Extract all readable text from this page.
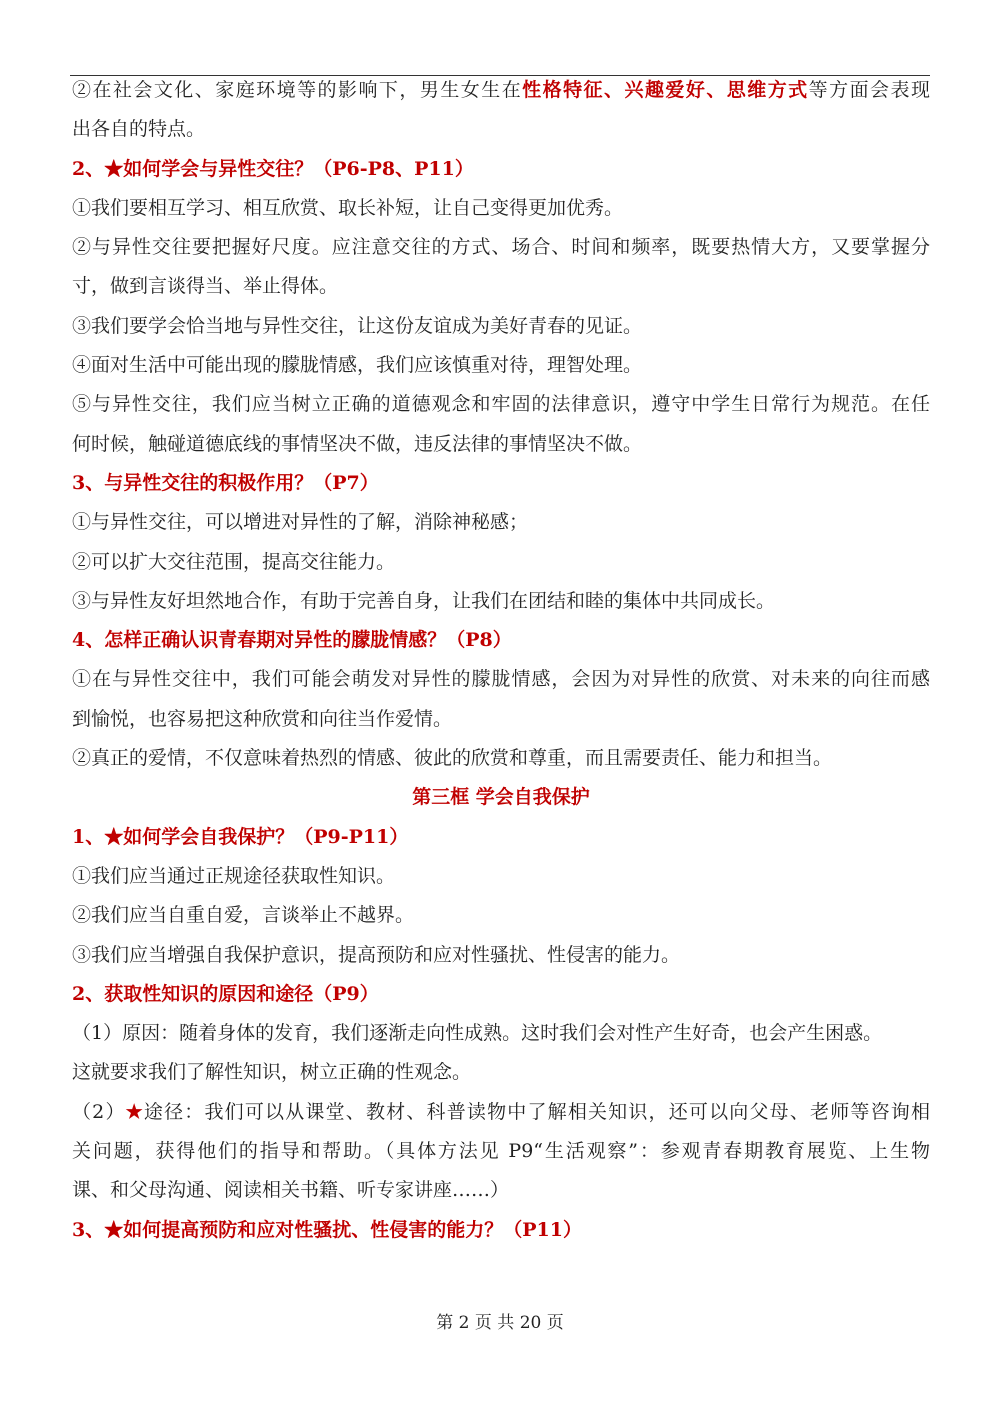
②在社会文化、家庭环境等的影响下，男生女生在性格特征、兴趣爱好、思维方式等方面会表现
出各自的特点。
2、★如何学会与异性交往？（P6-P8、P11）
①我们要相互学习、相互欣赏、取长补短，让自己变得更加优秀。
②与异性交往要把握好尺度。应注意交往的方式、场合、时间和频率，既要热情大方，又要掌握分
寸，做到言谈得当、举止得体。
③我们要学会恰当地与异性交往，让这份友谊成为美好青春的见证。
④面对生活中可能出现的朦胧情感，我们应该慎重对待，理智处理。
⑤与异性交往，我们应当树立正确的道德观念和牢固的法律意识，遵守中学生日常行为规范。在任
何时候，触碰道德底线的事情坚决不做，违反法律的事情坚决不做。
3、与异性交往的积极作用？（P7）
①与异性交往，可以增进对异性的了解，消除神秘感；
②可以扩大交往范围，提高交往能力。
③与异性友好坦然地合作，有助于完善自身，让我们在团结和睦的集体中共同成长。
4、怎样正确认识青春期对异性的朦胧情感？（P8）
①在与异性交往中，我们可能会萌发对异性的朦胧情感，会因为对异性的欣赏、对未来的向往而感
到愉悦，也容易把这种欣赏和向往当作爱情。
②真正的爱情，不仅意味着热烈的情感、彼此的欣赏和尊重，而且需要责任、能力和担当。
第三框 学会自我保护
1、★如何学会自我保护？（P9-P11）
①我们应当通过正规途径获取性知识。
②我们应当自重自爱，言谈举止不越界。
③我们应当增强自我保护意识，提高预防和应对性骚扰、性侵害的能力。
2、获取性知识的原因和途径（P9）
（1）原因：随着身体的发育，我们逐渐走向性成熟。这时我们会对性产生好奇，也会产生困惑。
这就要求我们了解性知识，树立正确的性观念。
（2）★途径：我们可以从课堂、教材、科普读物中了解相关知识，还可以向父母、老师等咨询相
关问题，获得他们的指导和帮助。（具体方法见 P9“生活观察”：参观青春期教育展览、上生物
课、和父母沟通、阅读相关书籍、听专家讲座……）
3、★如何提高预防和应对性骚扰、性侵害的能力？（P11）
第 2 页 共 20 页
